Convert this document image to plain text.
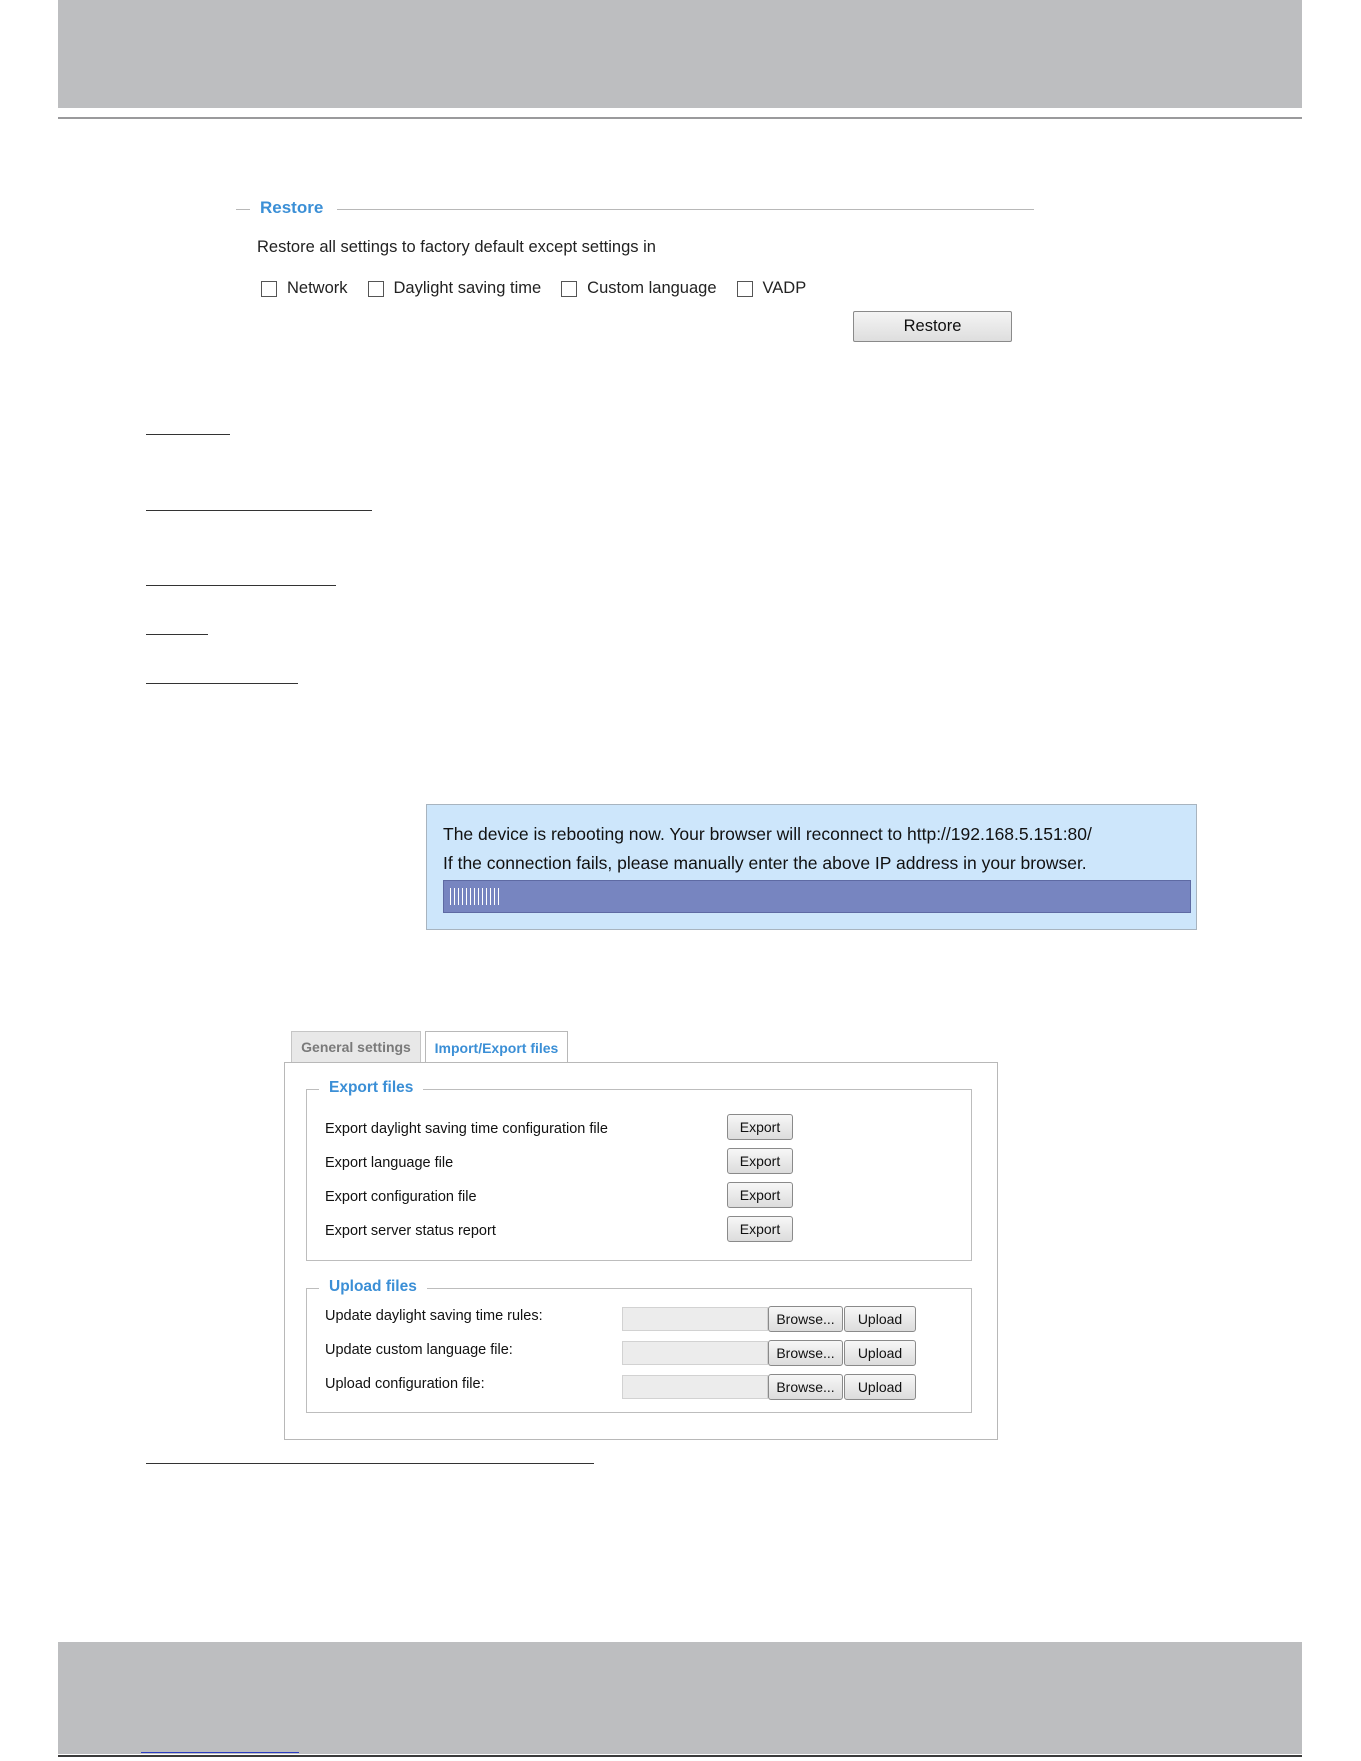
Restore
Restore all settings to factory default except settings in
Network	Daylight saving time	Custom language	VADP
Restore
The device is rebooting now. Your browser will reconnect to http://192.168.5.151:80/
If the connection fails, please manually enter the above IP address in your browser.
General settings	Import/Export files
Export files
Export daylight saving time configuration file	Export
Export language file	Export
Export configuration file	Export
Export server status report	Export
Upload files
Update daylight saving time rules:	Browse...	Upload
Update custom language file:	Browse...	Upload
Upload configuration file:	Browse...	Upload
